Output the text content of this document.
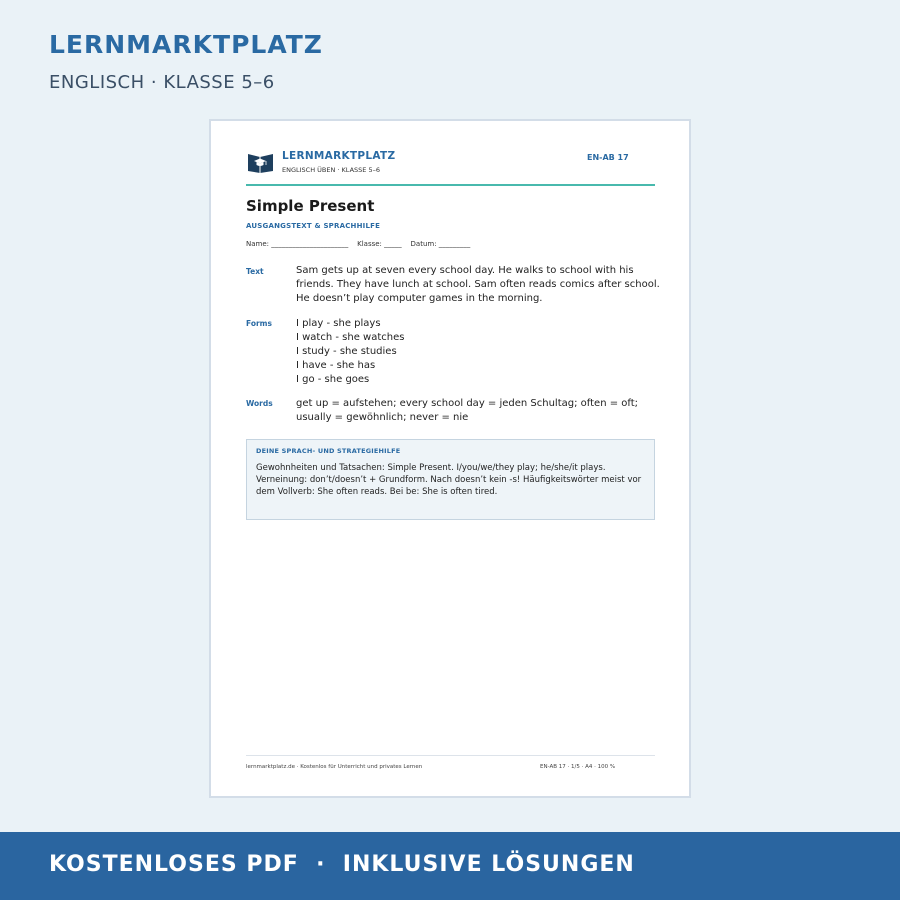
LERNMARKTPLATZ
ENGLISCH · KLASSE 5–6
LERNMARKTPLATZ
ENGLISCH ÜBEN · KLASSE 5–6
EN-AB 17
Simple Present
AUSGANGSTEXT & SPRACHHILFE
Name: ______________________    Klasse: _____    Datum: _________
Text	Sam gets up at seven every school day. He walks to school with his
friends. They have lunch at school. Sam often reads comics after school.
He doesn’t play computer games in the morning.
Forms I play - she plays
I watch - she watches
I study - she studies
I have - she has
I go - she goes
Words get up = aufstehen; every school day = jeden Schultag; often = oft;
usually = gewöhnlich; never = nie
DEINE SPRACH- UND STRATEGIEHILFE
Gewohnheiten und Tatsachen: Simple Present. I/you/we/they play; he/she/it plays.
Verneinung: don’t/doesn’t + Grundform. Nach doesn’t kein -s! Häufigkeitswörter meist vor
dem Vollverb: She often reads. Bei be: She is often tired.
lernmarktplatz.de · Kostenlos für Unterricht und privates Lernen	EN-AB 17 · 1/5 · A4 · 100 %
KOSTENLOSES PDF  ·  INKLUSIVE LÖSUNGEN
